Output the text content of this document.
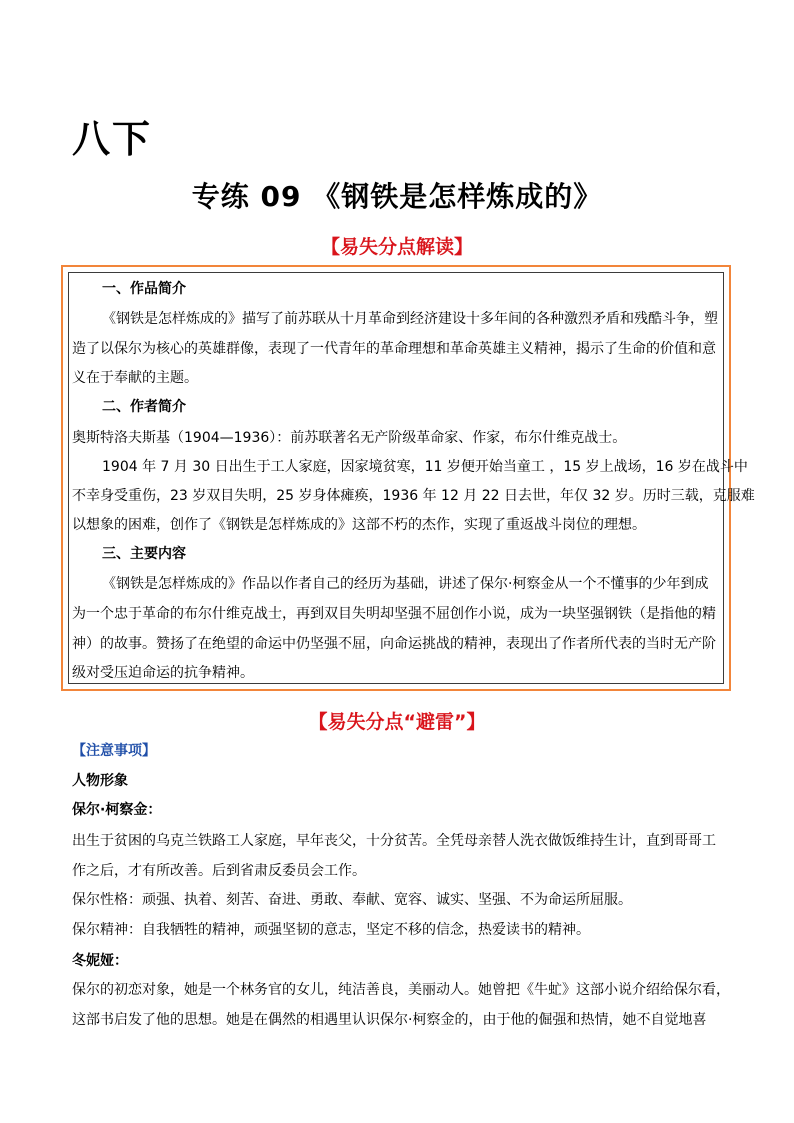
八下
专练 09 《钢铁是怎样炼成的》
【易失分点解读】
一、作品简介
《钢铁是怎样炼成的》描写了前苏联从十月革命到经济建设十多年间的各种激烈矛盾和残酷斗争，塑
造了以保尔为核心的英雄群像，表现了一代青年的革命理想和革命英雄主义精神，揭示了生命的价值和意
义在于奉献的主题。
二、作者简介
奥斯特洛夫斯基（1904—1936）：前苏联著名无产阶级革命家、作家，布尔什维克战士。
1904 年 7 月 30 日出生于工人家庭，因家境贫寒，11 岁便开始当童工 ，15 岁上战场，16 岁在战斗中
不幸身受重伤，23 岁双目失明，25 岁身体瘫痪，1936 年 12 月 22 日去世，年仅 32 岁。历时三载，克服难
以想象的困难，创作了《钢铁是怎样炼成的》这部不朽的杰作，实现了重返战斗岗位的理想。
三、主要内容
《钢铁是怎样炼成的》作品以作者自己的经历为基础，讲述了保尔·柯察金从一个不懂事的少年到成
为一个忠于革命的布尔什维克战士，再到双目失明却坚强不屈创作小说，成为一块坚强钢铁（是指他的精
神）的故事。赞扬了在绝望的命运中仍坚强不屈，向命运挑战的精神，表现出了作者所代表的当时无产阶
级对受压迫命运的抗争精神。
【易失分点“避雷”】
【注意事项】
人物形象
保尔·柯察金：
出生于贫困的乌克兰铁路工人家庭，早年丧父，十分贫苦。全凭母亲替人洗衣做饭维持生计，直到哥哥工
作之后，才有所改善。后到省肃反委员会工作。
保尔性格：顽强、执着、刻苦、奋进、勇敢、奉献、宽容、诚实、坚强、不为命运所屈服。
保尔精神：自我牺牲的精神，顽强坚韧的意志，坚定不移的信念，热爱读书的精神。
冬妮娅：
保尔的初恋对象，她是一个林务官的女儿，纯洁善良，美丽动人。她曾把《牛虻》这部小说介绍给保尔看，
这部书启发了他的思想。她是在偶然的相遇里认识保尔·柯察金的，由于他的倔强和热情，她不自觉地喜
